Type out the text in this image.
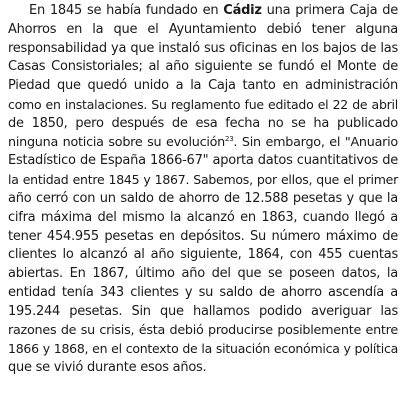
En 1845 se había fundado en Cádiz una primera Caja de
Ahorros en la que el Ayuntamiento debió tener alguna
responsabilidad ya que instaló sus oficinas en los bajos de las
Casas Consistoriales; al año siguiente se fundó el Monte de
Piedad que quedó unido a la Caja tanto en administración
como en instalaciones. Su reglamento fue editado el 22 de abril
de 1850, pero después de esa fecha no se ha publicado
ninguna noticia sobre su evolución$^{23}$. Sin embargo, el "Anuario
Estadístico de España 1866-67" aporta datos cuantitativos de
la entidad entre 1845 y 1867. Sabemos, por ellos, que el primer
año cerró con un saldo de ahorro de 12.588 pesetas y que la
cifra máxima del mismo la alcanzó en 1863, cuando llegó a
tener 454.955 pesetas en depósitos. Su número máximo de
clientes lo alcanzó al año siguiente, 1864, con 455 cuentas
abiertas. En 1867, último año del que se poseen datos, la
entidad tenía 343 clientes y su saldo de ahorro ascendía a
195.244 pesetas. Sin que hallamos podido averiguar las
razones de su crisis, ésta debió producirse posiblemente entre
1866 y 1868, en el contexto de la situación económica y política
que se vivió durante esos años.
